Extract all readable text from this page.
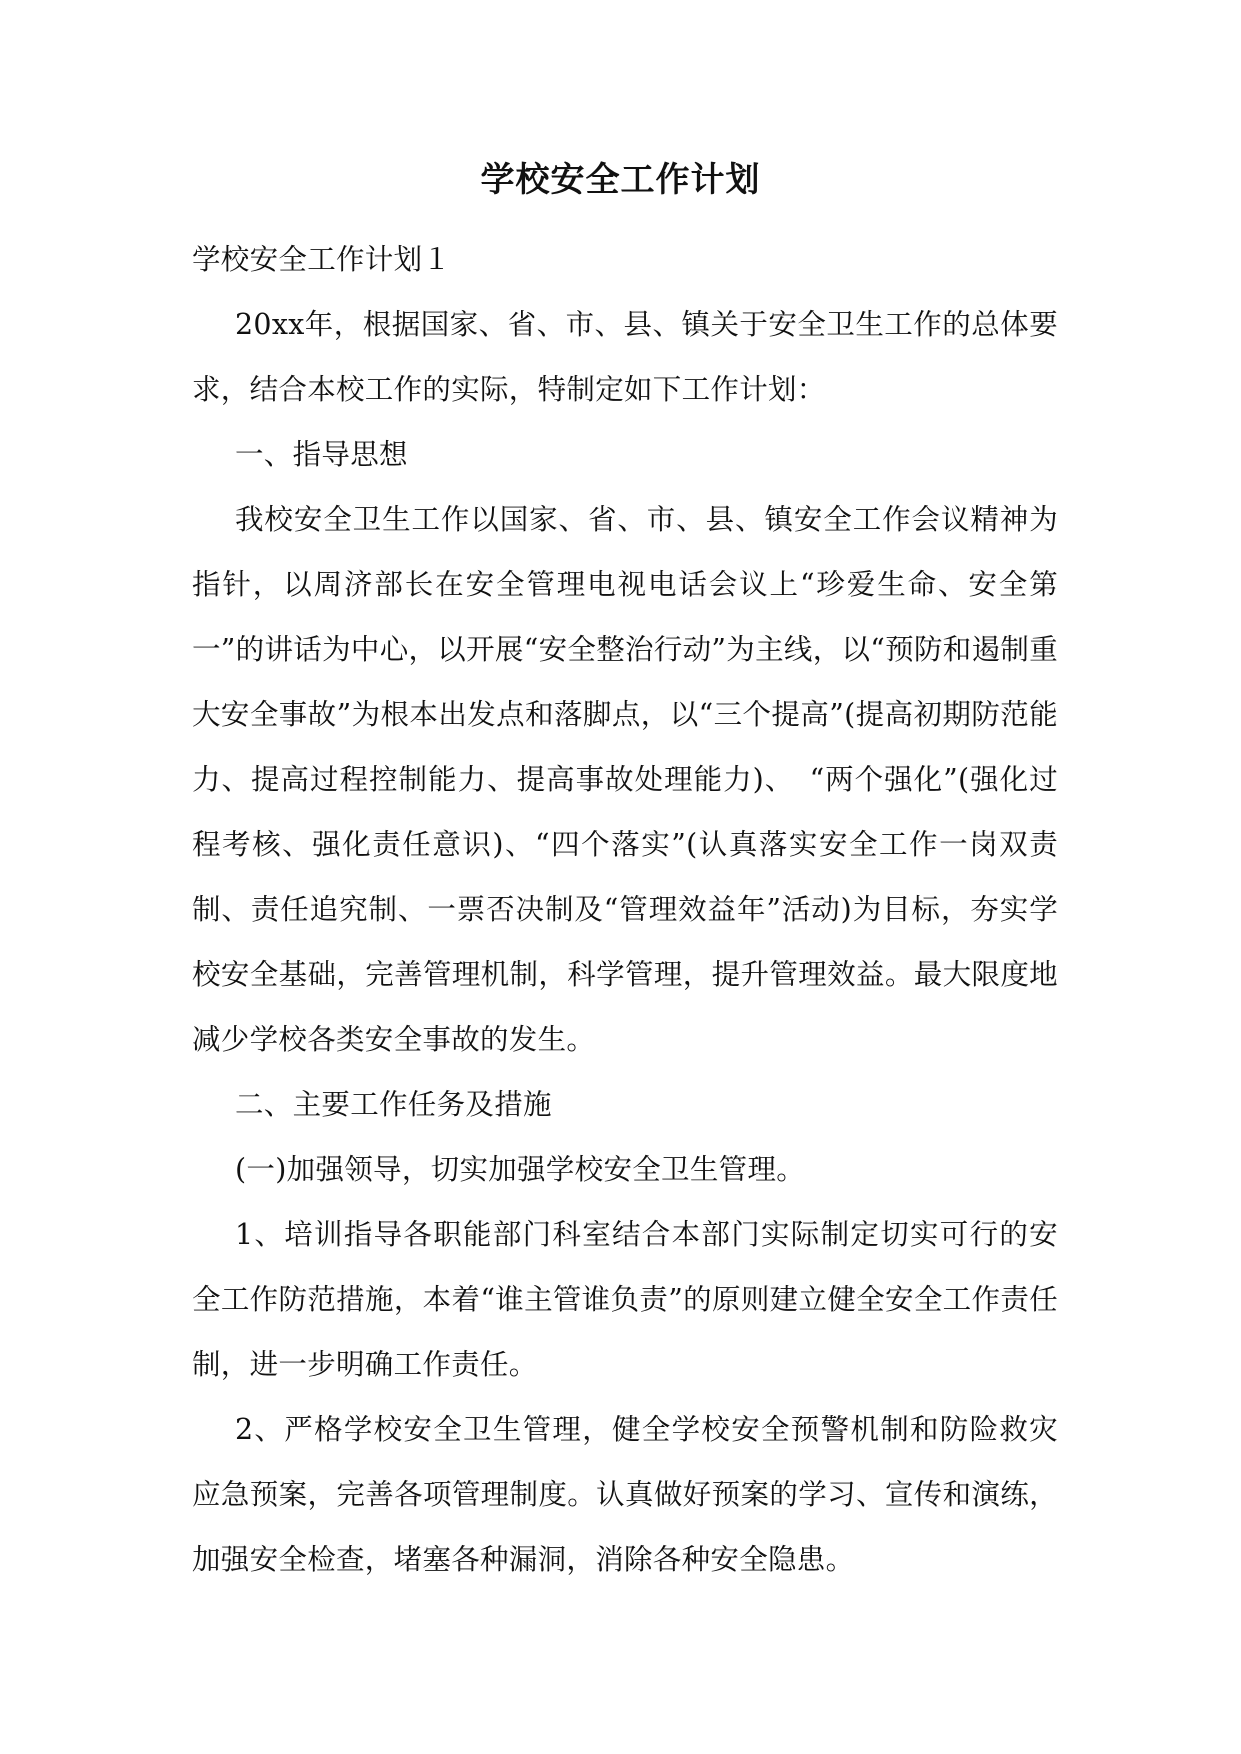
学校安全工作计划

学校安全工作计划１

20xx年，根据国家、省、市、县、镇关于安全卫生工作的总体要求，结合本校工作的实际，特制定如下工作计划：

一、指导思想

我校安全卫生工作以国家、省、市、县、镇安全工作会议精神为指针，以周济部长在安全管理电视电话会议上“珍爱生命、安全第一”的讲话为中心，以开展“安全整治行动”为主线，以“预防和遏制重大安全事故”为根本出发点和落脚点，以“三个提高”(提高初期防范能力、提高过程控制能力、提高事故处理能力)、　“两个强化”(强化过程考核、强化责任意识)、“四个落实”(认真落实安全工作一岗双责制、责任追究制、一票否决制及“管理效益年”活动)为目标，夯实学校安全基础，完善管理机制，科学管理，提升管理效益。最大限度地减少学校各类安全事故的发生。

二、主要工作任务及措施

(一)加强领导，切实加强学校安全卫生管理。

1、培训指导各职能部门科室结合本部门实际制定切实可行的安全工作防范措施，本着“谁主管谁负责”的原则建立健全安全工作责任制，进一步明确工作责任。

2、严格学校安全卫生管理，健全学校安全预警机制和防险救灾应急预案，完善各项管理制度。认真做好预案的学习、宣传和演练，加强安全检查，堵塞各种漏洞，消除各种安全隐患。
